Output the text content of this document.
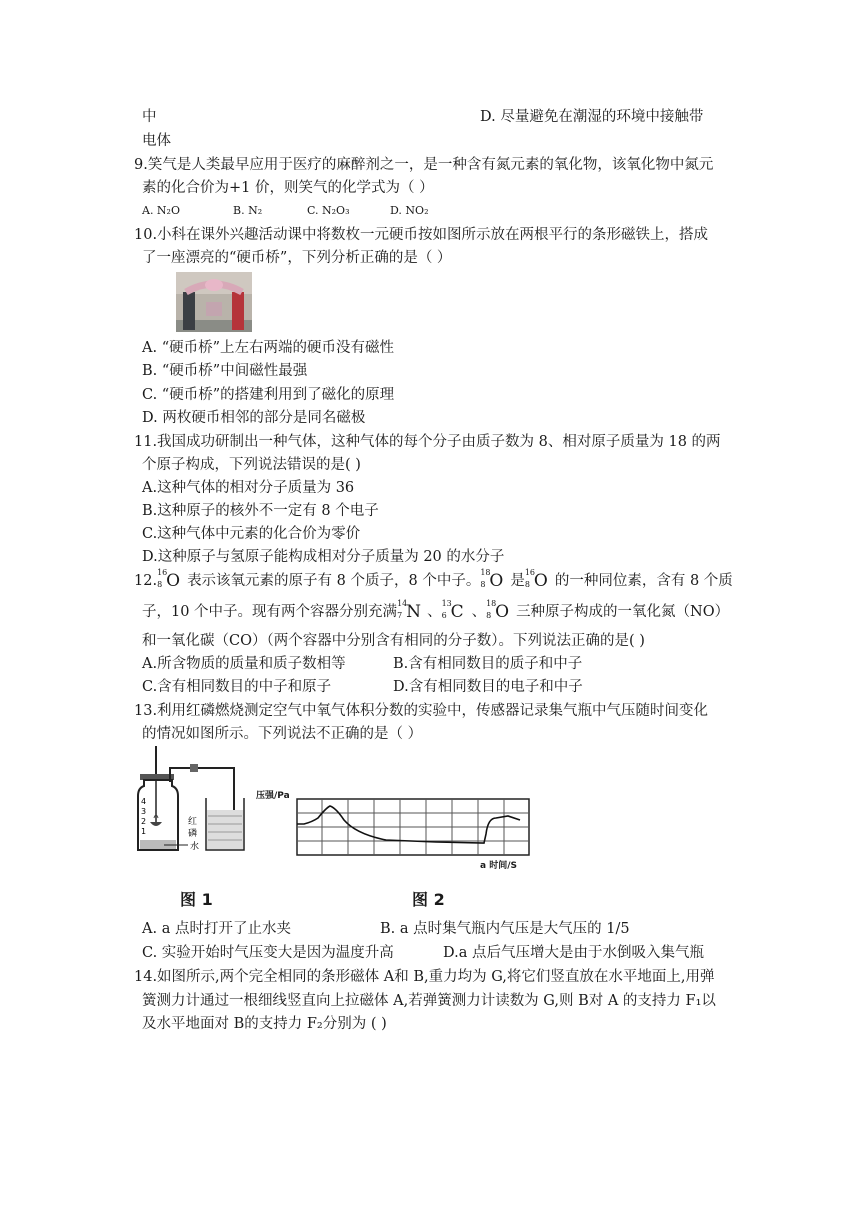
中	D. 尽量避免在潮湿的环境中接触带
电体
9.笑气是人类最早应用于医疗的麻醉剂之一，是一种含有氮元素的氧化物，该氧化物中氮元
素的化合价为+1 价，则笑气的化学式为（ ）
A. N₂O	B. N₂	C. N₂O₃	D. NO₂
10.小科在课外兴趣活动课中将数枚一元硬币按如图所示放在两根平行的条形磁铁上，搭成
了一座漂亮的“硬币桥”，下列分析正确的是（ ）
A. “硬币桥”上左右两端的硬币没有磁性
B. “硬币桥”中间磁性最强
C. “硬币桥”的搭建利用到了磁化的原理
D. 两枚硬币相邻的部分是同名磁极
11.我国成功研制出一种气体，这种气体的每个分子由质子数为 8、相对原子质量为 18 的两
个原子构成，下列说法错误的是( )
A.这种气体的相对分子质量为 36
B.这种原子的核外不一定有 8 个电子
C.这种气体中元素的化合价为零价
D.这种原子与氢原子能构成相对分子质量为 20 的水分子
12.
16
8 O 表示该氧元素的原子有 8 个质子，8 个中子。
18
8 O 是
16
8 O 的一种同位素，含有 8 个质
子，10 个中子。现有两个容器分别充满
14
7 N 、
13
6 C 、
18
8 O 三种原子构成的一氧化氮（NO）
和一氧化碳（CO）（两个容器中分别含有相同的分子数）。下列说法正确的是( )
A.所含物质的质量和质子数相等	B.含有相同数目的质子和中子
C.含有相同数目的中子和原子	D.含有相同数目的电子和中子
13.利用红磷燃烧测定空气中氧气体积分数的实验中，传感器记录集气瓶中气压随时间变化
的情况如图所示。下列说法不正确的是（ ）
4
3
2
1
红
磷
水
压强/Pa
a 时间/S
图 1	图 2
A. a 点时打开了止水夹	B. a 点时集气瓶内气压是大气压的 1/5
C. 实验开始时气压变大是因为温度升高	D.a 点后气压增大是由于水倒吸入集气瓶
14.如图所示,两个完全相同的条形磁体 A和 B,重力均为 G,将它们竖直放在水平地面上,用弹
簧测力计通过一根细线竖直向上拉磁体 A,若弹簧测力计读数为 G,则 B对 A 的支持力 F₁以
及水平地面对 B的支持力 F₂分别为 ( )
